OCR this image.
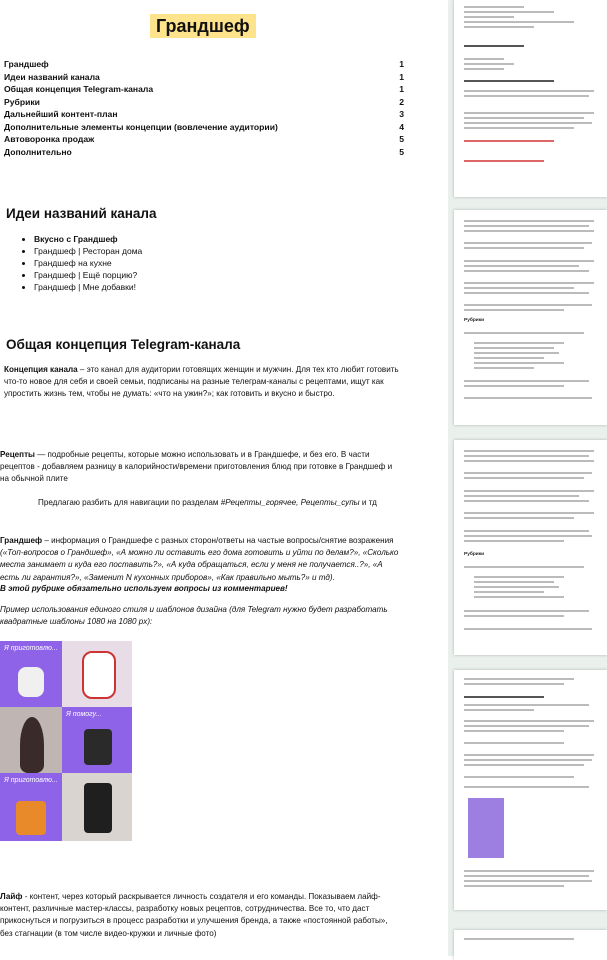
Грандшеф
Грандшеф	1
Идеи названий канала	1
Общая концепция Telegram-канала	1
Рубрики	2
Дальнейший контент-план	3
Дополнительные элементы концепции (вовлечение аудитории)	4
Автоворонка продаж	5
Дополнительно	5
Идеи названий канала
• Вкусно с Грандшеф
• Грандшеф | Ресторан дома
• Грандшеф на кухне
• Грандшеф | Ещё порцию?
• Грандшеф | Мне добавки!
Общая концепция Telegram-канала

Концепция канала – это канал для аудитории готовящих женщин и мужчин. Для тех кто любит готовить что-то новое для себя и своей семьи, подписаны на разные телеграм-каналы с рецептами, ищут как упростить жизнь тем, чтобы не думать: «что на ужин?»; как готовить и вкусно и быстро.

Рецепты — подробные рецепты, которые можно использовать и в Грандшефе, и без его. В части рецептов - добавляем разницу в калорийности/времени приготовления блюд при готовке в Грандшеф и на обычной плите

Предлагаю разбить для навигации по разделам #Рецепты_горячее, Рецепты_супы и тд

Грандшеф – информация о Грандшефе с разных сторон/ответы на частые вопросы/снятие возражения («Топ-вопросов о Грандшеф», «А можно ли оставить его дома готовить и уйти по делам?», «Сколько места занимает и куда его поставить?», «А куда обращаться, если у меня не получается..?», «А есть ли гарантия?», «Заменит N кухонных приборов», «Как правильно мыть?» и тд).

В этой рубрике обязательно используем вопросы из комментариев!

Пример использования единого стиля и шаблонов дизайна (для Telegram нужно будет разработать квадратные шаблоны 1080 на 1080 px):

Я приготовлю...
Я помогу...
Я приготовлю...

Лайф - контент, через который раскрывается личность создателя и его команды. Показываем лайф-контент, различные мастер-классы, разработку новых рецептов, сотрудничества. Все то, что даст прикоснуться и погрузиться в процесс разработки и улучшения бренда, а также «постоянной работы», без стагнации (в том числе видео-кружки и личные фото)

Рубрики
Рубрики
